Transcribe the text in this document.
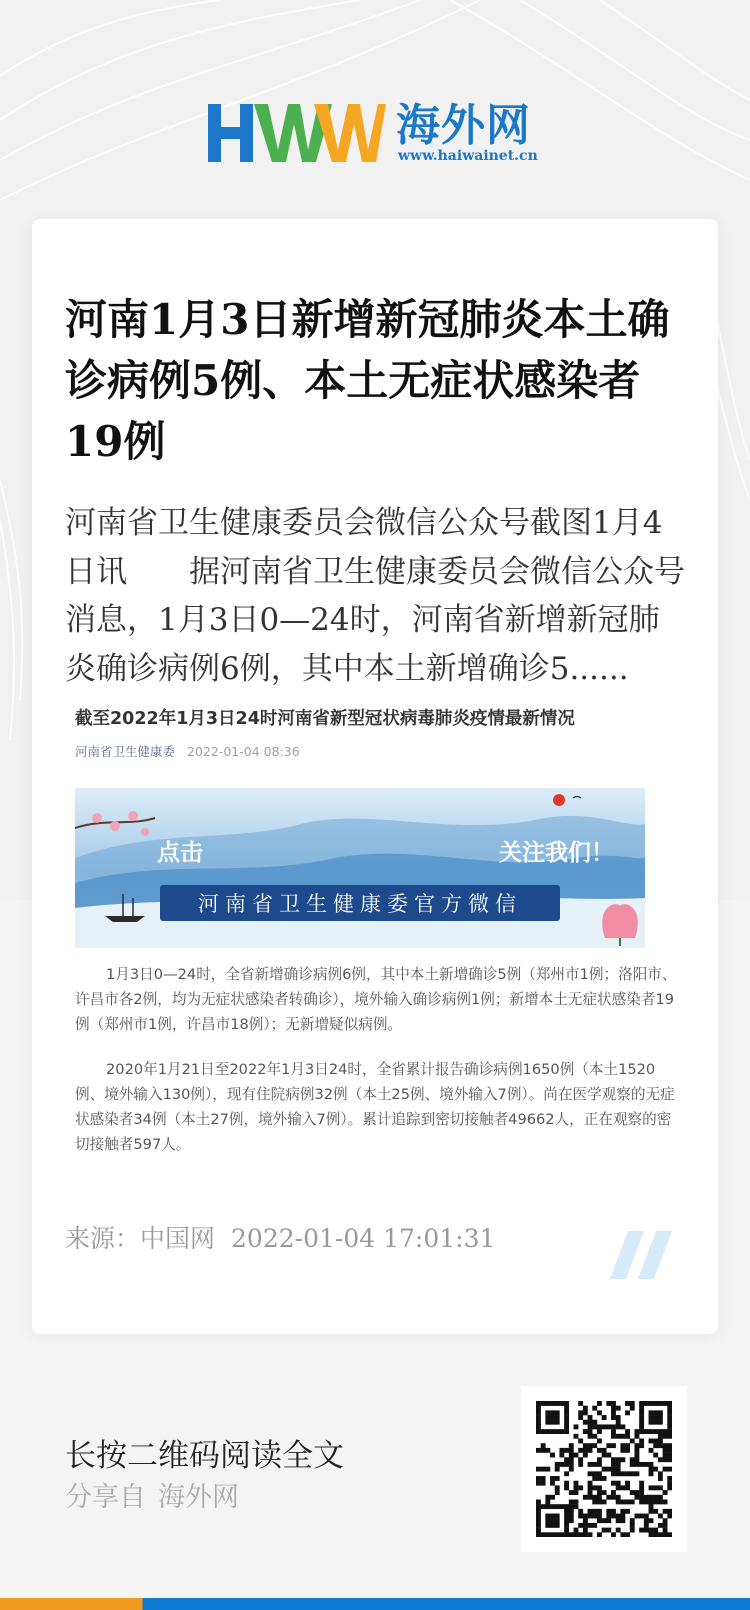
海外网
www.haiwainet.cn
河南1月3日新增新冠肺炎本土确诊病例5例、本土无症状感染者19例
河南省卫生健康委员会微信公众号截图1月4日讯　　据河南省卫生健康委员会微信公众号消息，1月3日0—24时，河南省新增新冠肺炎确诊病例6例，其中本土新增确诊5......
截至2022年1月3日24时河南省新型冠状病毒肺炎疫情最新情况
河南省卫生健康委 2022-01-04 08:36
点击	关注我们！
河南省卫生健康委官方微信
1月3日0—24时，全省新增确诊病例6例，其中本土新增确诊5例（郑州市1例；洛阳市、许昌市各2例，均为无症状感染者转确诊），境外输入确诊病例1例；新增本土无症状感染者19例（郑州市1例，许昌市18例）；无新增疑似病例。
2020年1月21日至2022年1月3日24时，全省累计报告确诊病例1650例（本土1520例、境外输入130例），现有住院病例32例（本土25例、境外输入7例）。尚在医学观察的无症状感染者34例（本土27例，境外输入7例）。累计追踪到密切接触者49662人，正在观察的密切接触者597人。
来源：中国网 2022-01-04 17:01:31
长按二维码阅读全文
分享自 海外网
